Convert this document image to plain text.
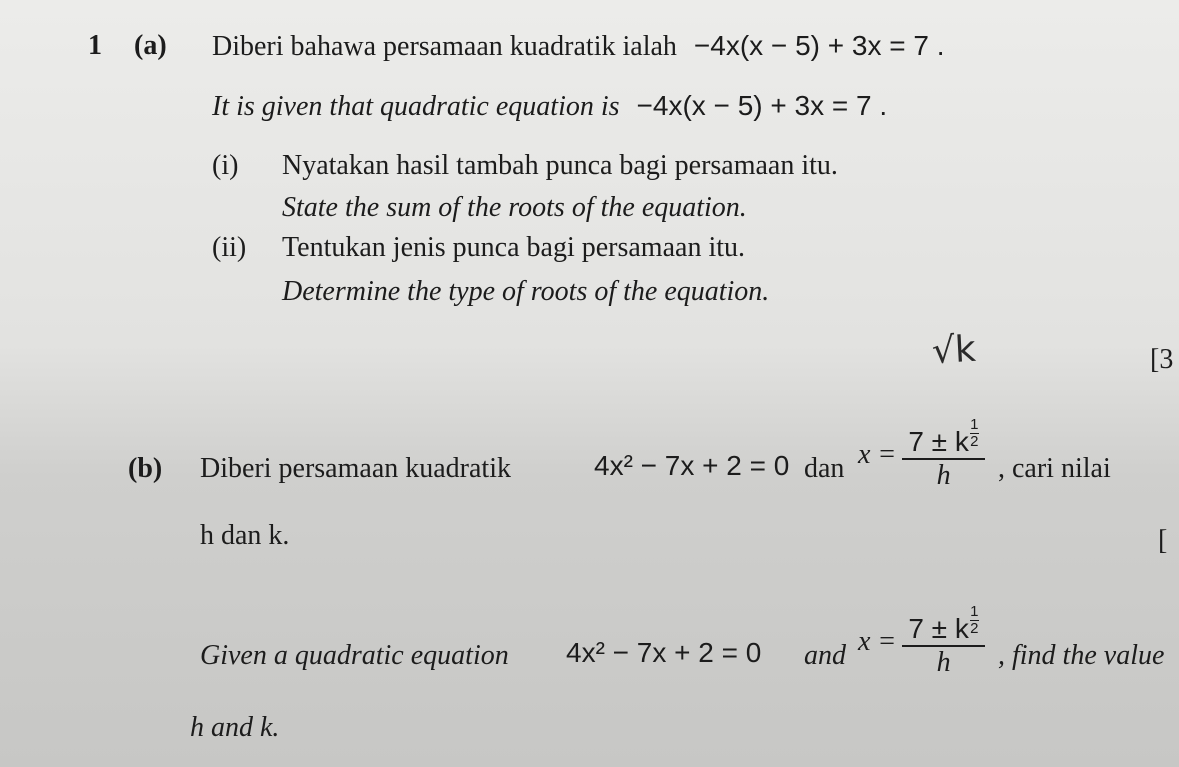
1 (a) Diberi bahawa persamaan kuadratik ialah −4x(x − 5) + 3x = 7 .
It is given that quadratic equation is −4x(x − 5) + 3x = 7 .
(i) Nyatakan hasil tambah punca bagi persamaan itu.
State the sum of the roots of the equation.
(ii) Tentukan jenis punca bagi persamaan itu.
Determine the type of roots of the equation.
√k	[3
(b) Diberi persamaan kuadratik	4x² − 7x + 2 = 0 dan x = 7 ± k $^{\frac{1}{2}}$
h , cari nilai
h dan k.	[
Given a quadratic equation 4x² − 7x + 2 = 0 and x = 7 ± k $^{\frac{1}{2}}$
h , find the value
h and k.
